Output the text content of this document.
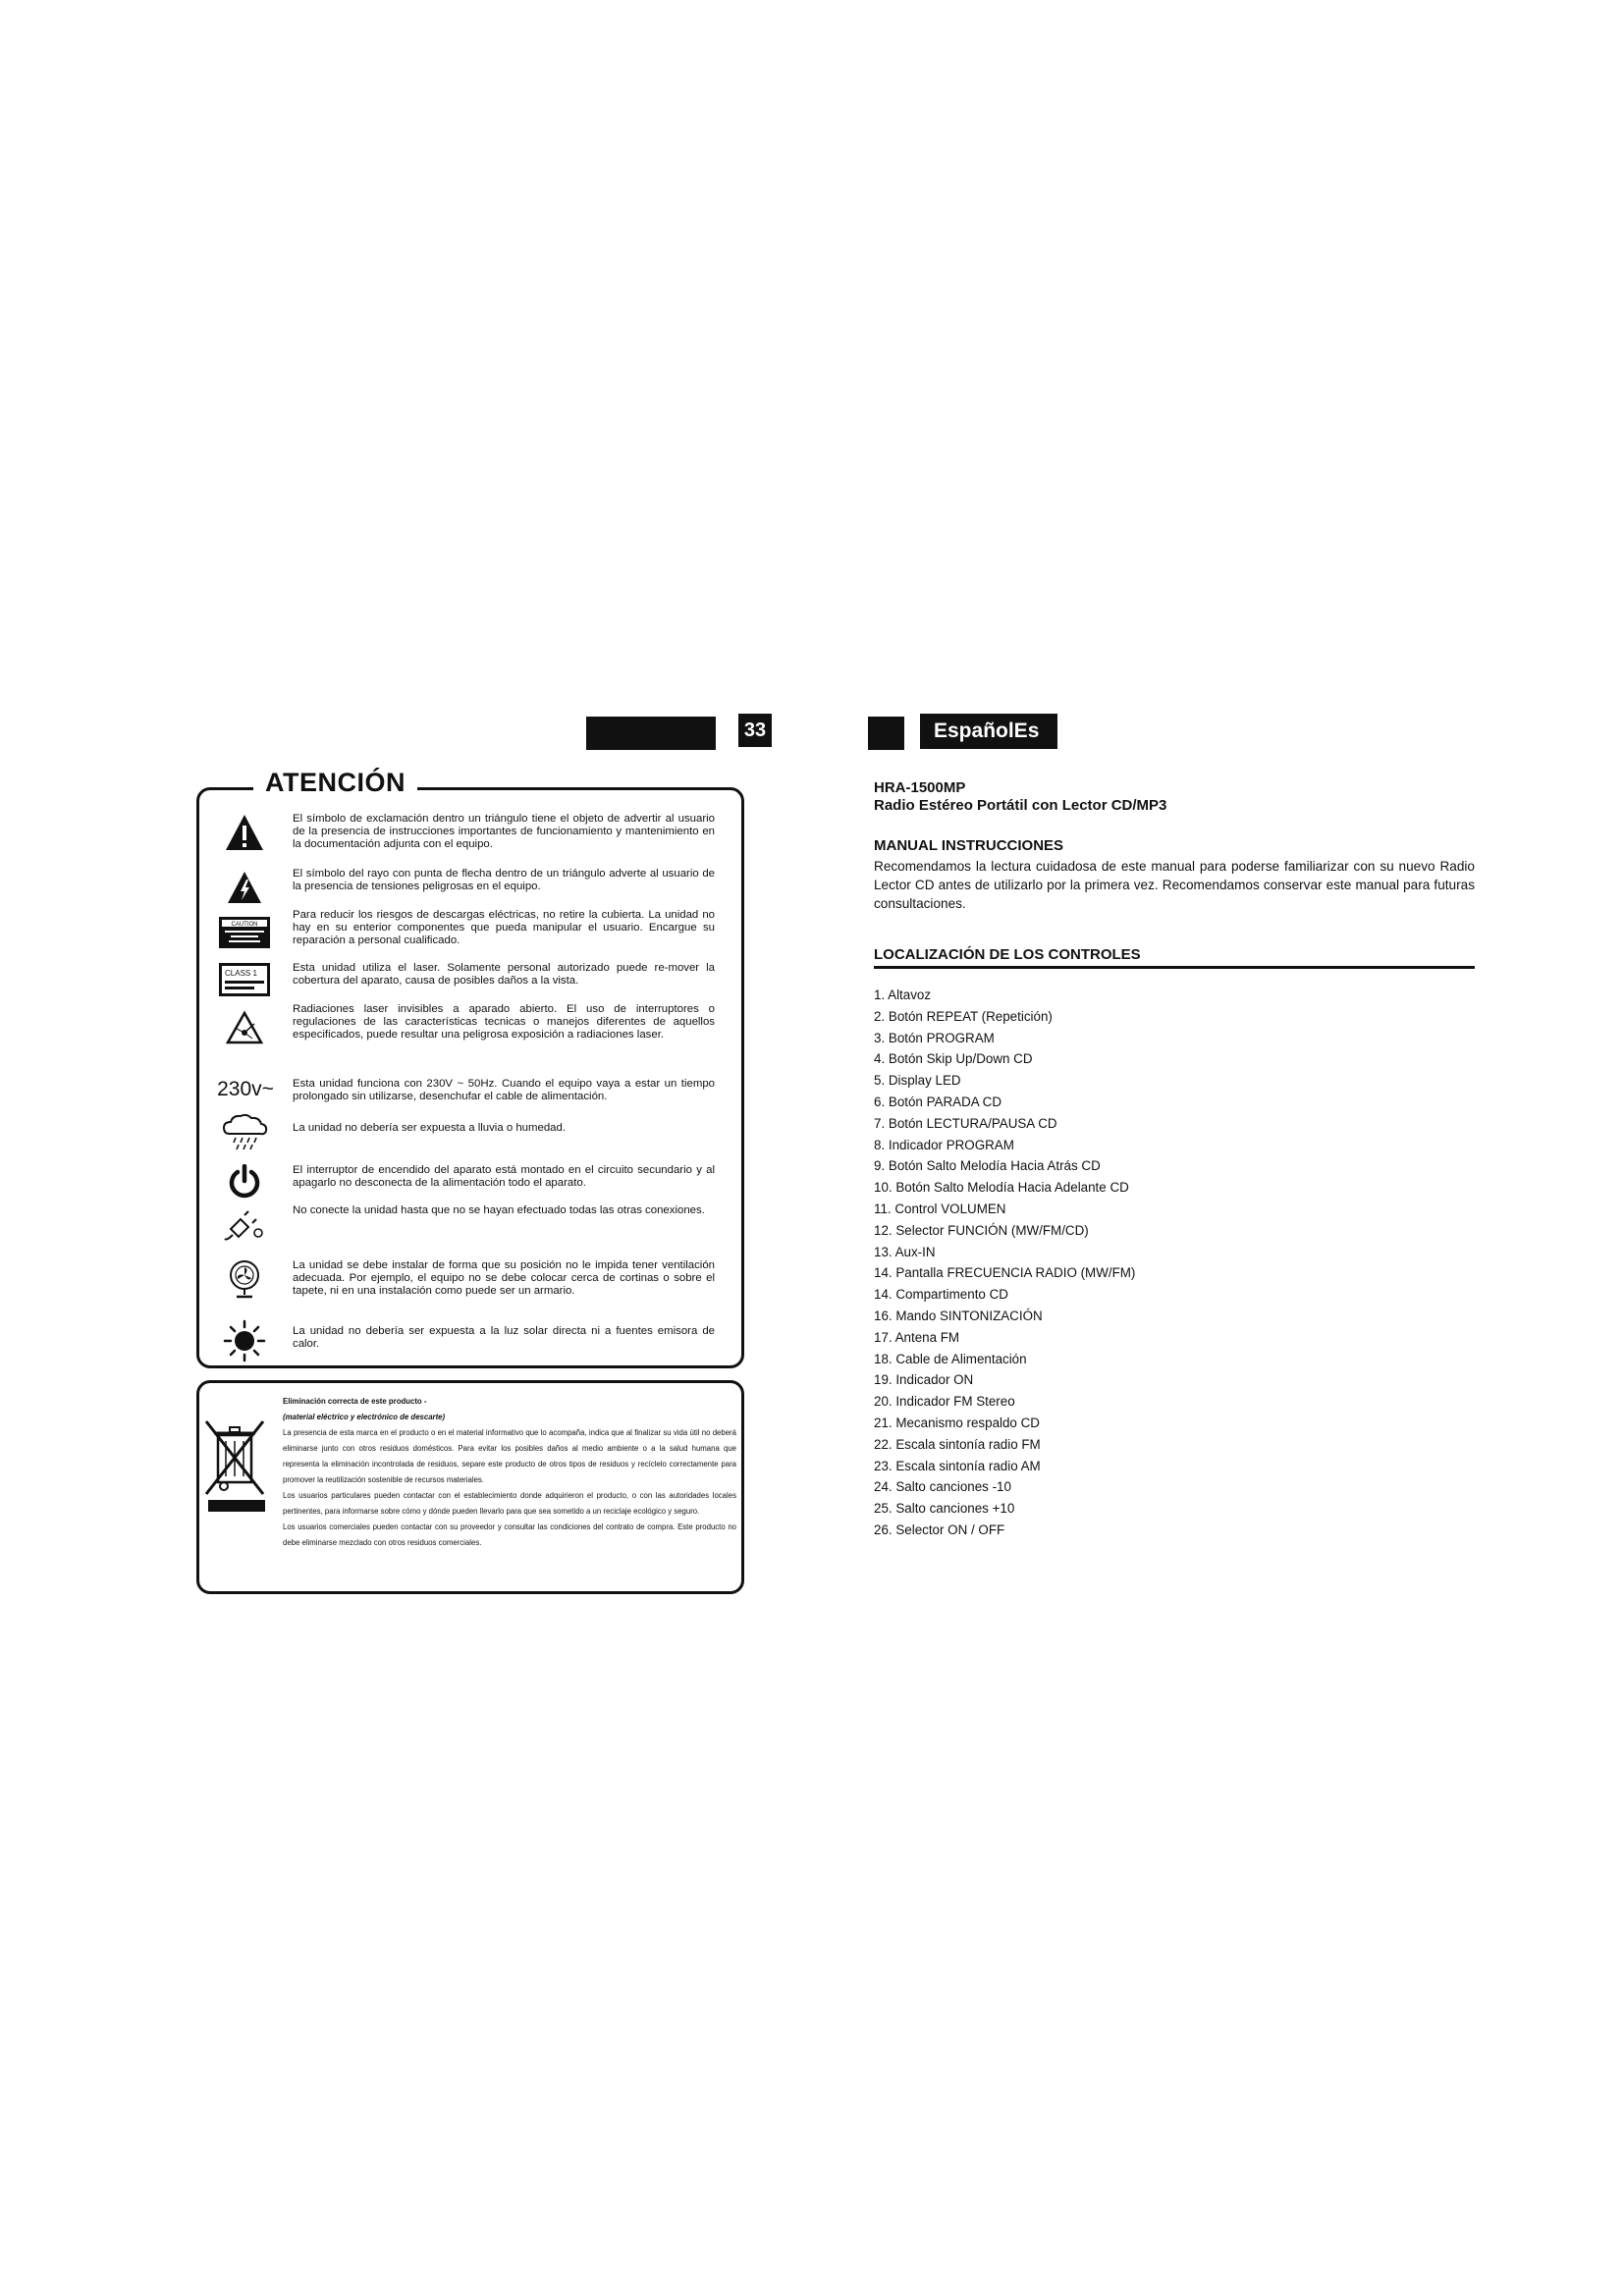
33	EspañolEs
ATENCIÓN
El símbolo de exclamación dentro un triángulo tiene el objeto de advertir al usuario de la presencia de instrucciones importantes de funcionamiento y mantenimiento en la documentación adjunta con el equipo.
El símbolo del rayo con punta de flecha dentro de un triángulo adverte al usuario de la presencia de tensiones peligrosas en el equipo.
CAUTION
Para reducir los riesgos de descargas eléctricas, no retire la cubierta. La unidad no hay en su enterior componentes que pueda manipular el usuario. Encargue su reparación a personal cualificado.
CLASS 1	Esta unidad utiliza el laser. Solamente personal autorizado puede re-mover la cobertura del aparato, causa de posibles daños a la vista.
Radiaciones laser invisibles a aparado abierto. El uso de interruptores o regulaciones de las características tecnicas o manejos diferentes de aquellos especificados, puede resultar una peligrosa exposición a radiaciones laser.
230v~ Esta unidad funciona con 230V ~ 50Hz. Cuando el equipo vaya a estar un tiempo prolongado sin utilizarse, desenchufar el cable de alimentación.
La unidad no debería ser expuesta a lluvia o humedad.
El interruptor de encendido del aparato está montado en el circuito secundario y al apagarlo no desconecta de la alimentación todo el aparato.
No conecte la unidad hasta que no se hayan efectuado todas las otras conexiones.
La unidad se debe instalar de forma que su posición no le impida tener ventilación adecuada. Por ejemplo, el equipo no se debe colocar cerca de cortinas o sobre el tapete, ni en una instalación como puede ser un armario.
La unidad no debería ser expuesta a la luz solar directa ni a fuentes emisora de calor.

Eliminación correcta de este producto -

(material eléctrico y electrónico de descarte)

La presencia de esta marca en el producto o en el material informativo que lo acompaña, indica que al finalizar su vida útil no deberá eliminarse junto con otros residuos domésticos. Para evitar los posibles daños al medio ambiente o a la salud humana que representa la eliminación incontrolada de residuos, separe este producto de otros tipos de residuos y recíclelo correctamente para promover la reutilización sostenible de recursos materiales.

Los usuarios particulares pueden contactar con el establecimiento donde adquirieron el producto, o con las autoridades locales pertinentes, para informarse sobre cómo y dónde pueden llevarlo para que sea sometido a un reciclaje ecológico y seguro.

Los usuarios comerciales pueden contactar con su proveedor y consultar las condiciones del contrato de compra. Este producto no debe eliminarse mezclado con otros residuos comerciales.

HRA-1500MP
Radio Estéreo Portátil con Lector CD/MP3
MANUAL INSTRUCCIONES
Recomendamos la lectura cuidadosa de este manual para poderse familiarizar con su nuevo Radio Lector CD antes de utilizarlo por la primera vez. Recomendamos conservar este manual para futuras consultaciones.
LOCALIZACIÓN DE LOS CONTROLES
1. Altavoz
2. Botón REPEAT (Repetición)
3. Botón PROGRAM
4. Botón Skip Up/Down CD
5. Display LED
6. Botón PARADA CD
7. Botón LECTURA/PAUSA CD
8. Indicador PROGRAM
9. Botón Salto Melodía Hacia Atrás CD
10. Botón Salto Melodía Hacia Adelante CD
11. Control VOLUMEN
12. Selector FUNCIÓN (MW/FM/CD)
13. Aux-IN
14. Pantalla FRECUENCIA RADIO (MW/FM)
14. Compartimento CD
16. Mando SINTONIZACIÓN
17. Antena FM
18. Cable de Alimentación
19. Indicador ON
20. Indicador FM Stereo
21. Mecanismo respaldo CD
22. Escala sintonía radio FM
23. Escala sintonía radio AM
24. Salto canciones -10
25. Salto canciones +10
26. Selector ON / OFF
